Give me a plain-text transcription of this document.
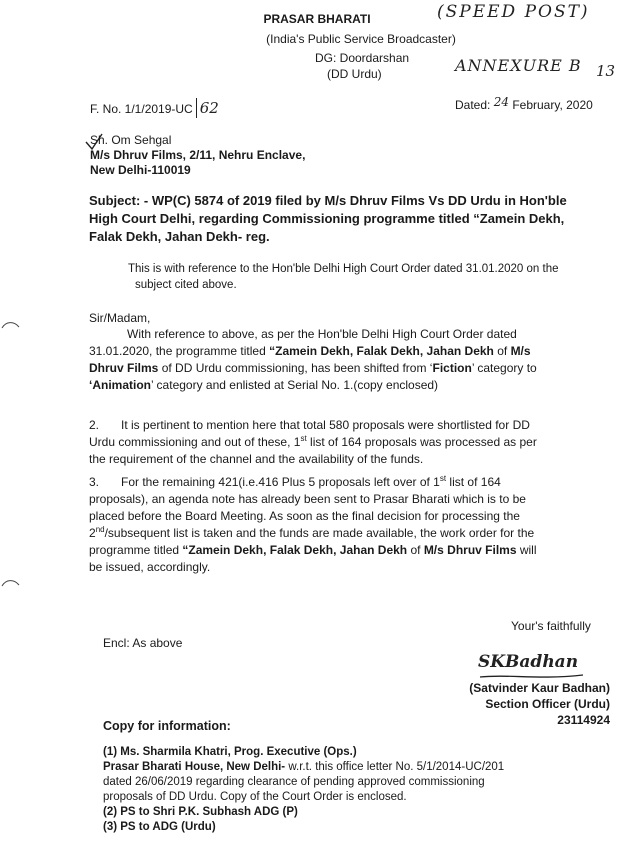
(SPEED POST)
ANNEXURE B 13
PRASAR BHARATI
(India's Public Service Broadcaster)
DG: Doordarshan
(DD Urdu)
F. No. 1/1/2019-UC 62	Dated: 24 February, 2020
Sh. Om Sehgal
M/s Dhruv Films, 2/11, Nehru Enclave,
New Delhi-110019
Subject: - WP(C) 5874 of 2019 filed by M/s Dhruv Films Vs DD Urdu in Hon'ble
High Court Delhi, regarding Commissioning programme titled “Zamein Dekh,
Falak Dekh, Jahan Dekh- reg.
This is with reference to the Hon'ble Delhi High Court Order dated 31.01.2020 on the
subject cited above.
Sir/Madam,
With reference to above, as per the Hon'ble Delhi High Court Order dated
31.01.2020, the programme titled “Zamein Dekh, Falak Dekh, Jahan Dekh of M/s
Dhruv Films of DD Urdu commissioning, has been shifted from ‘Fiction’ category to
‘Animation’ category and enlisted at Serial No. 1.(copy enclosed)
2. It is pertinent to mention here that total 580 proposals were shortlisted for DD
Urdu commissioning and out of these, 1st list of 164 proposals was processed as per
the requirement of the channel and the availability of the funds.
3. For the remaining 421(i.e.416 Plus 5 proposals left over of 1st list of 164
proposals), an agenda note has already been sent to Prasar Bharati which is to be
placed before the Board Meeting. As soon as the final decision for processing the
2nd/subsequent list is taken and the funds are made available, the work order for the
programme titled “Zamein Dekh, Falak Dekh, Jahan Dekh of M/s Dhruv Films will
be issued, accordingly.
Your's faithfully
Encl: As above
SKBadhan
(Satvinder Kaur Badhan)
Section Officer (Urdu)
23114924
Copy for information:
(1) Ms. Sharmila Khatri, Prog. Executive (Ops.)
Prasar Bharati House, New Delhi- w.r.t. this office letter No. 5/1/2014-UC/201
dated 26/06/2019 regarding clearance of pending approved commissioning
proposals of DD Urdu. Copy of the Court Order is enclosed.
(2) PS to Shri P.K. Subhash ADG (P)
(3) PS to ADG (Urdu)
